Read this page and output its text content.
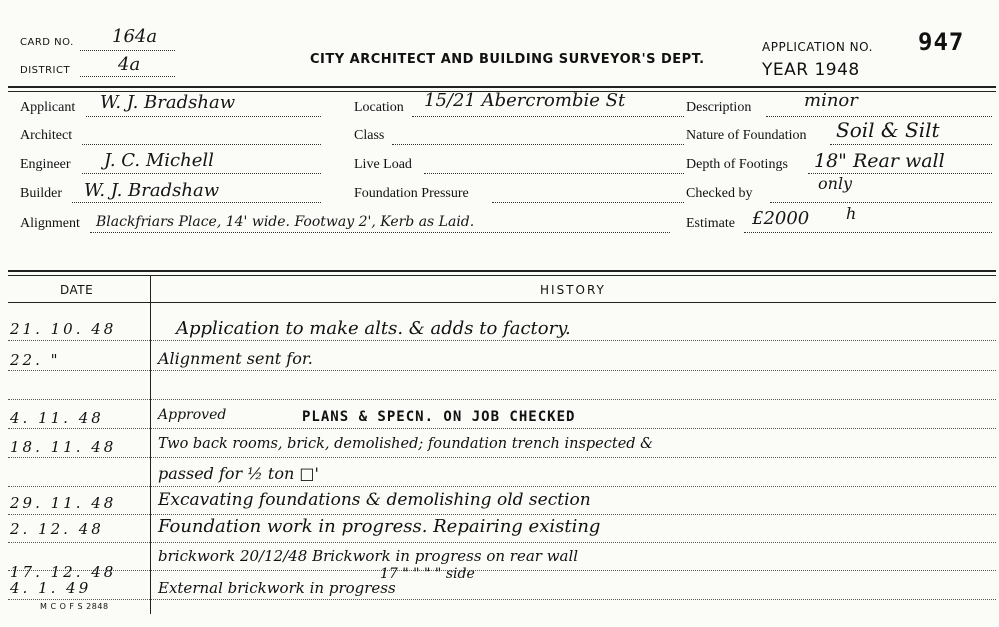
CARD NO. 164a
DISTRICT	4a	CITY ARCHITECT AND BUILDING SURVEYOR'S DEPT.
APPLICATION NO. 947
YEAR 1948
Applicant W. J. Bradshaw
Architect
Engineer J. C. Michell
Builder W. J. Bradshaw
Alignment Blackfriars Place, 14' wide. Footway 2', Kerb as Laid.
Location 15/21 Abercrombie St
Class
Live Load
Foundation Pressure
Description	minor
Nature of Foundation Soil & Silt
Depth of Footings 18" Rear wall
Checked by
only
Estimate £2000 h
DATE	HISTORY
21. 10. 48	Application to make alts. & adds to factory.
22. "	Alignment sent for.
4. 11. 48	Approved	PLANS & SPECN. ON JOB CHECKED
18. 11. 48	Two back rooms, brick, demolished; foundation trench inspected &
passed for ½ ton □'
29. 11. 48	Excavating foundations & demolishing old section
2. 12. 48	Foundation work in progress. Repairing existing
brickwork 20/12/48 Brickwork in progress on rear wall
17. 12. 48	17 " " " " side
4. 1. 49	External brickwork in progress
M C O F S 2848
